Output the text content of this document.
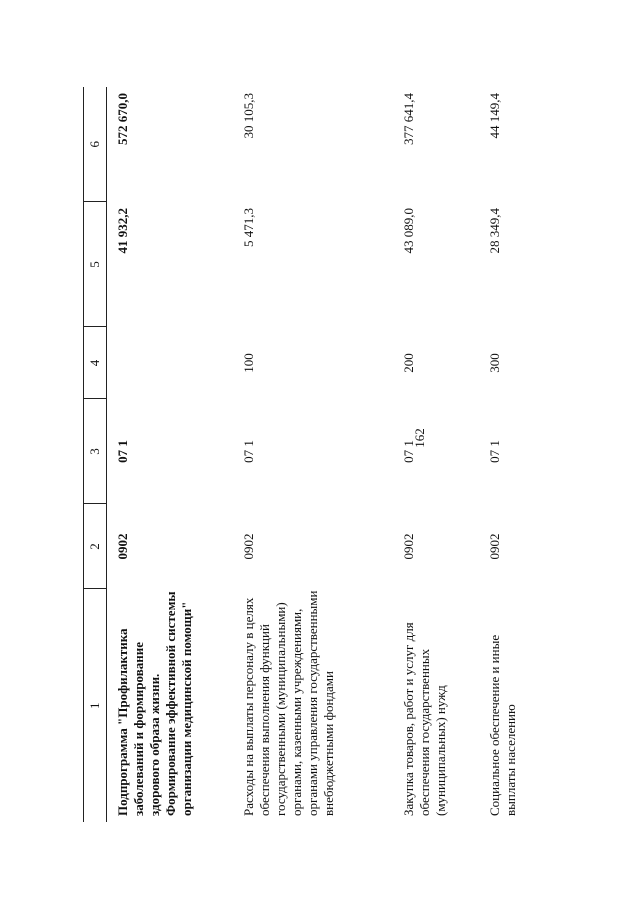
162
1	2	3	4	5	6
Подпрограмма "Профилактика заболеваний и формирование здорового образа жизни. Формирование эффективной системы организации медицинской помощи"	0902	07 1		41 932,2	572 670,0
Расходы на выплаты персоналу в целях обеспечения выполнения функций государственными (муниципальными) органами, казенными учреждениями, органами управления государственными внебюджетными фондами	0902	07 1	100	5 471,3	30 105,3
Закупка товаров, работ и услуг для обеспечения государственных (муниципальных) нужд	0902	07 1	200	43 089,0	377 641,4
Социальное обеспечение и иные выплаты населению	0902	07 1	300	28 349,4	44 149,4
